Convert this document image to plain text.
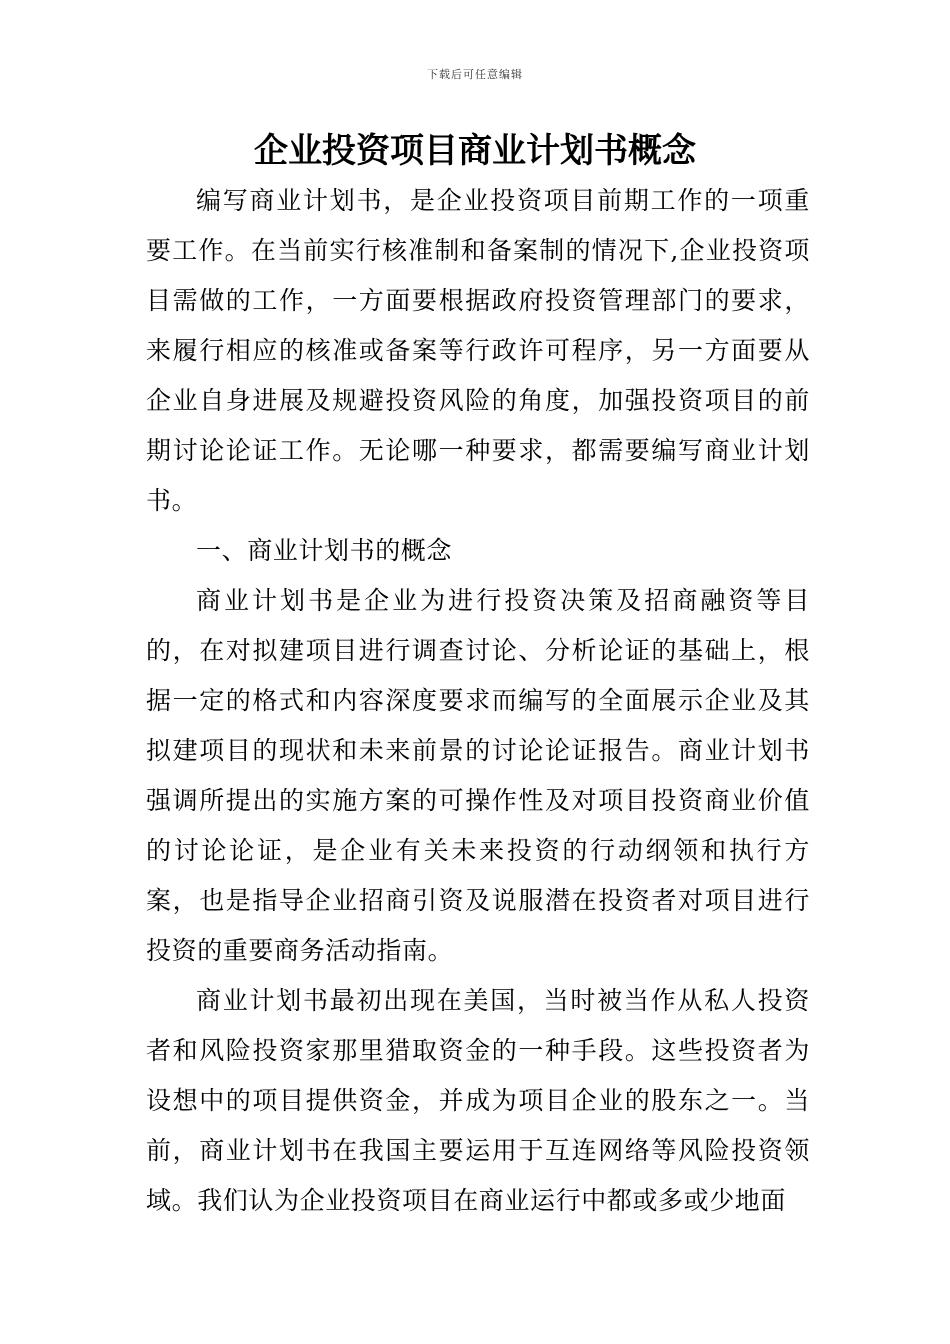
下载后可任意编辑
企业投资项目商业计划书概念

编写商业计划书，是企业投资项目前期工作的一项重要工作。在当前实行核准制和备案制的情况下,企业投资项目需做的工作，一方面要根据政府投资管理部门的要求，来履行相应的核准或备案等行政许可程序，另一方面要从企业自身进展及规避投资风险的角度，加强投资项目的前期讨论论证工作。无论哪一种要求，都需要编写商业计划书。

一、商业计划书的概念

商业计划书是企业为进行投资决策及招商融资等目的，在对拟建项目进行调查讨论、分析论证的基础上，根据一定的格式和内容深度要求而编写的全面展示企业及其拟建项目的现状和未来前景的讨论论证报告。商业计划书强调所提出的实施方案的可操作性及对项目投资商业价值的讨论论证，是企业有关未来投资的行动纲领和执行方案，也是指导企业招商引资及说服潜在投资者对项目进行投资的重要商务活动指南。

商业计划书最初出现在美国，当时被当作从私人投资者和风险投资家那里猎取资金的一种手段。这些投资者为设想中的项目提供资金，并成为项目企业的股东之一。当前，商业计划书在我国主要运用于互连网络等风险投资领域。我们认为企业投资项目在商业运行中都或多或少地面
